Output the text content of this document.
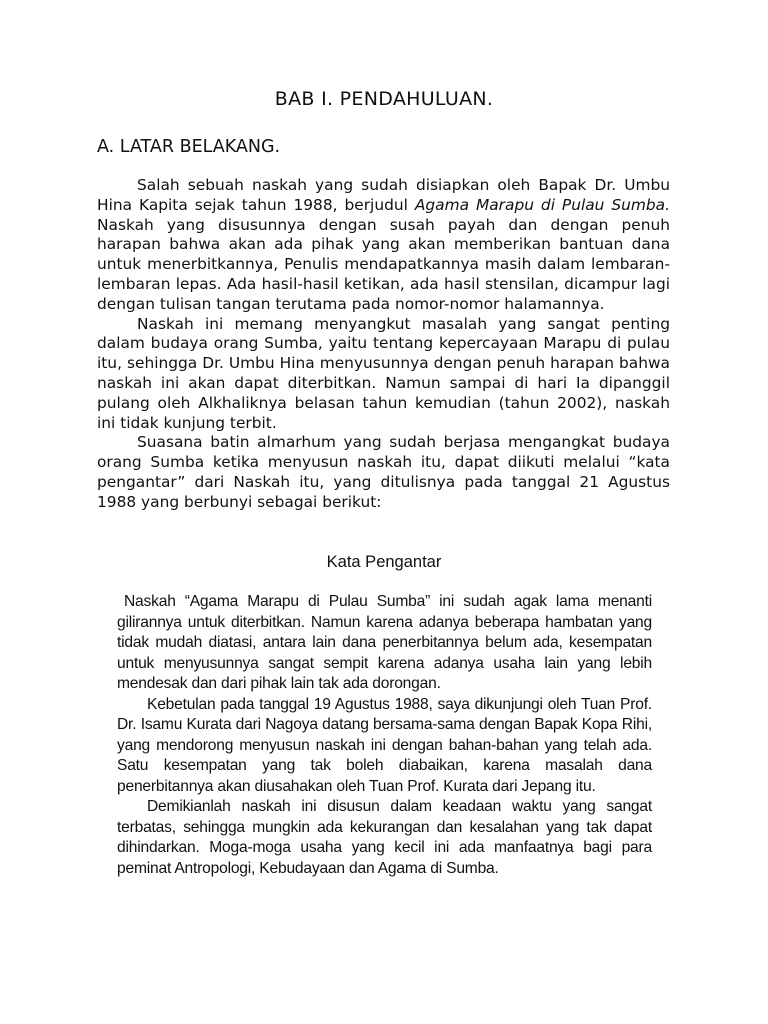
BAB I. PENDAHULUAN.
A. LATAR BELAKANG.

Salah sebuah naskah yang sudah disiapkan oleh Bapak Dr. Umbu Hina Kapita sejak tahun 1988, berjudul Agama Marapu di Pulau Sumba. Naskah yang disusunnya dengan susah payah dan dengan penuh harapan bahwa akan ada pihak yang akan memberikan bantuan dana untuk menerbitkannya, Penulis mendapatkannya masih dalam lembaran-lembaran lepas. Ada hasil-hasil ketikan, ada hasil stensilan, dicampur lagi dengan tulisan tangan terutama pada nomor-nomor halamannya.

Naskah ini memang menyangkut masalah yang sangat penting dalam budaya orang Sumba, yaitu tentang kepercayaan Marapu di pulau itu, sehingga Dr. Umbu Hina menyusunnya dengan penuh harapan bahwa naskah ini akan dapat diterbitkan. Namun sampai di hari Ia dipanggil pulang oleh Alkhaliknya belasan tahun kemudian (tahun 2002), naskah ini tidak kunjung terbit.

Suasana batin almarhum yang sudah berjasa mengangkat budaya orang Sumba ketika menyusun naskah itu, dapat diikuti melalui “kata pengantar” dari Naskah itu, yang ditulisnya pada tanggal 21 Agustus 1988 yang berbunyi sebagai berikut:

Kata Pengantar

Naskah “Agama Marapu di Pulau Sumba” ini sudah agak lama menanti gilirannya untuk diterbitkan. Namun karena adanya beberapa hambatan yang tidak mudah diatasi, antara lain dana penerbitannya belum ada, kesempatan untuk menyusunnya sangat sempit karena adanya usaha lain yang lebih mendesak dan dari pihak lain tak ada dorongan.

Kebetulan pada tanggal 19 Agustus 1988, saya dikunjungi oleh Tuan Prof. Dr. Isamu Kurata dari Nagoya datang bersama-sama dengan Bapak Kopa Rihi, yang mendorong menyusun naskah ini dengan bahan-bahan yang telah ada. Satu kesempatan yang tak boleh diabaikan, karena masalah dana penerbitannya akan diusahakan oleh Tuan Prof. Kurata dari Jepang itu.

Demikianlah naskah ini disusun dalam keadaan waktu yang sangat terbatas, sehingga mungkin ada kekurangan dan kesalahan yang tak dapat dihindarkan. Moga-moga usaha yang kecil ini ada manfaatnya bagi para peminat Antropologi, Kebudayaan dan Agama di Sumba.
